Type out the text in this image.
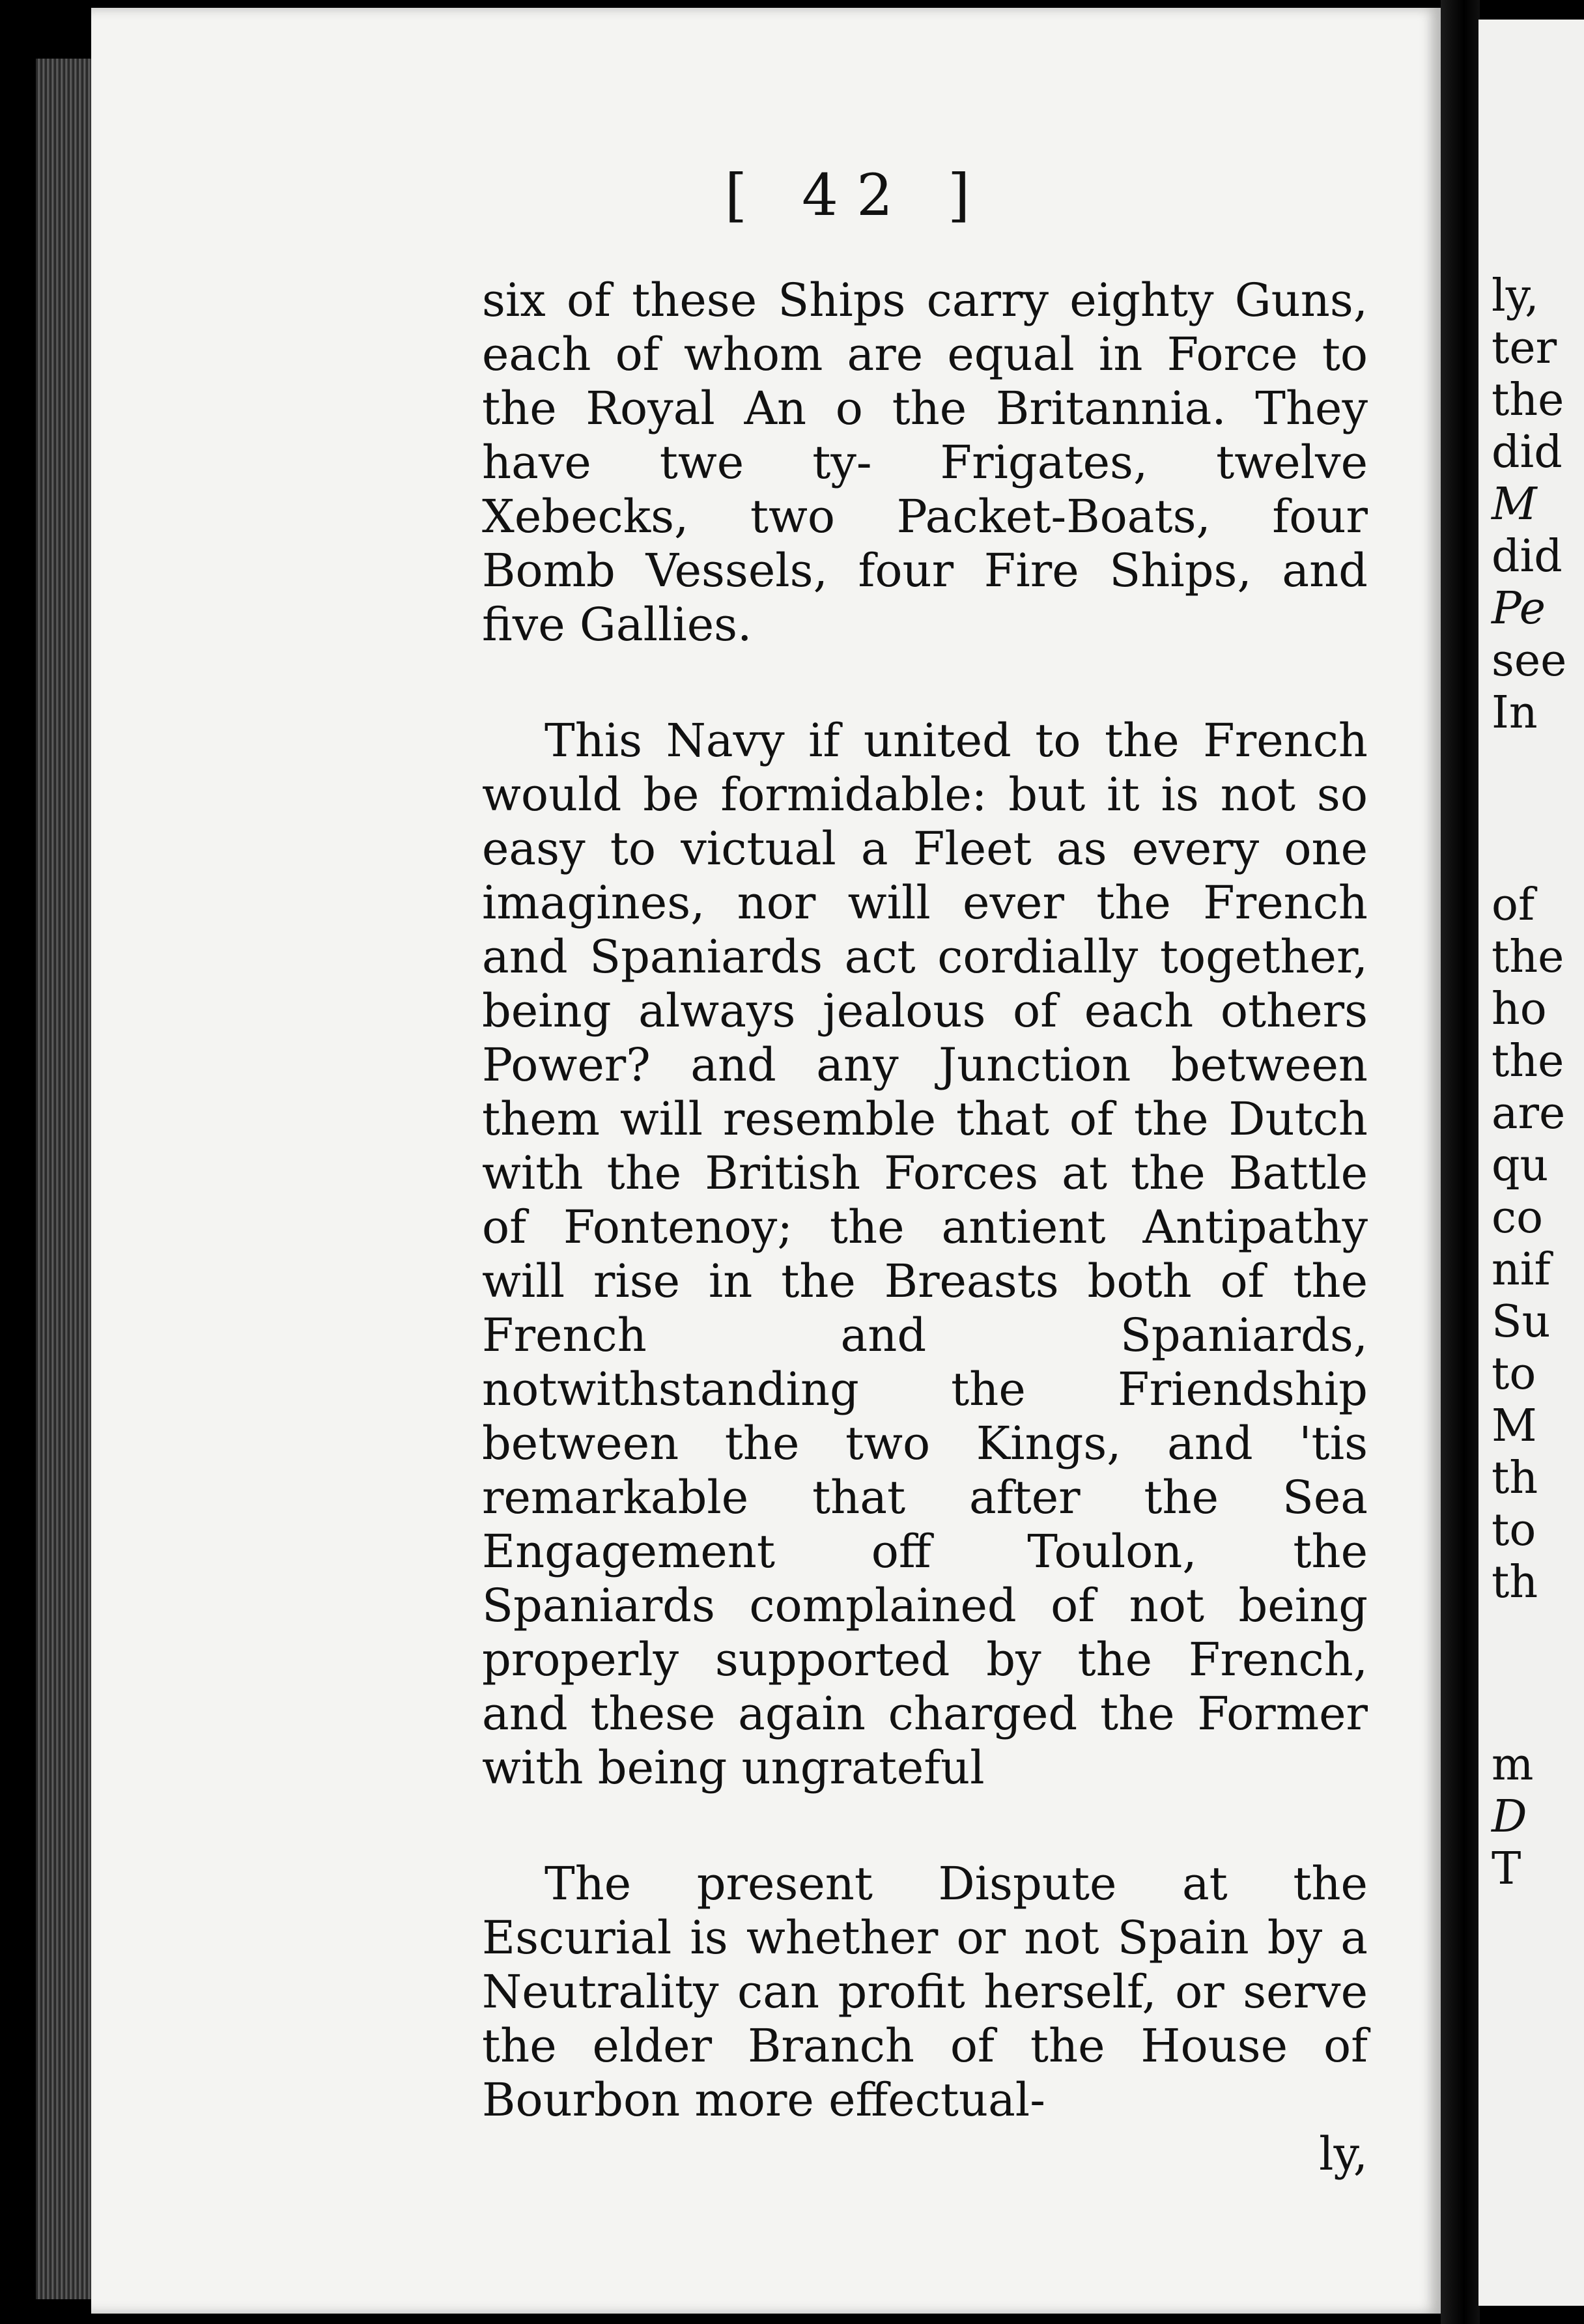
[ 42 ]

six of these Ships carry eighty Guns, each of whom are equal in Force to the Royal An o the Britannia. They have twe ty- Frigates, twelve Xebecks, two Packet-Boats, four Bomb Vessels, four Fire Ships, and five Gallies.

This Navy if united to the French would be formidable: but it is not so easy to victual a Fleet as every one imagines, nor will ever the French and Spaniards act cordially together, being always jealous of each others Power? and any Junction between them will resemble that of the Dutch with the British Forces at the Battle of Fontenoy; the antient Antipathy will rise in the Breasts both of the French and Spaniards, notwithstanding the Friendship between the two Kings, and 'tis remarkable that after the Sea Engagement off Toulon, the Spaniards complained of not being properly supported by the French, and these again charged the Former with being ungrateful

The present Dispute at the Escurial is whether or not Spain by a Neutrality can profit herself, or serve the elder Branch of the House of Bourbon more effectual-

ly,

ly,
ter
the
did
M
did
Pe
see
In
of
the
ho
the
are
qu
co
nif
Su
to
M
th
to
th
m
D
T
